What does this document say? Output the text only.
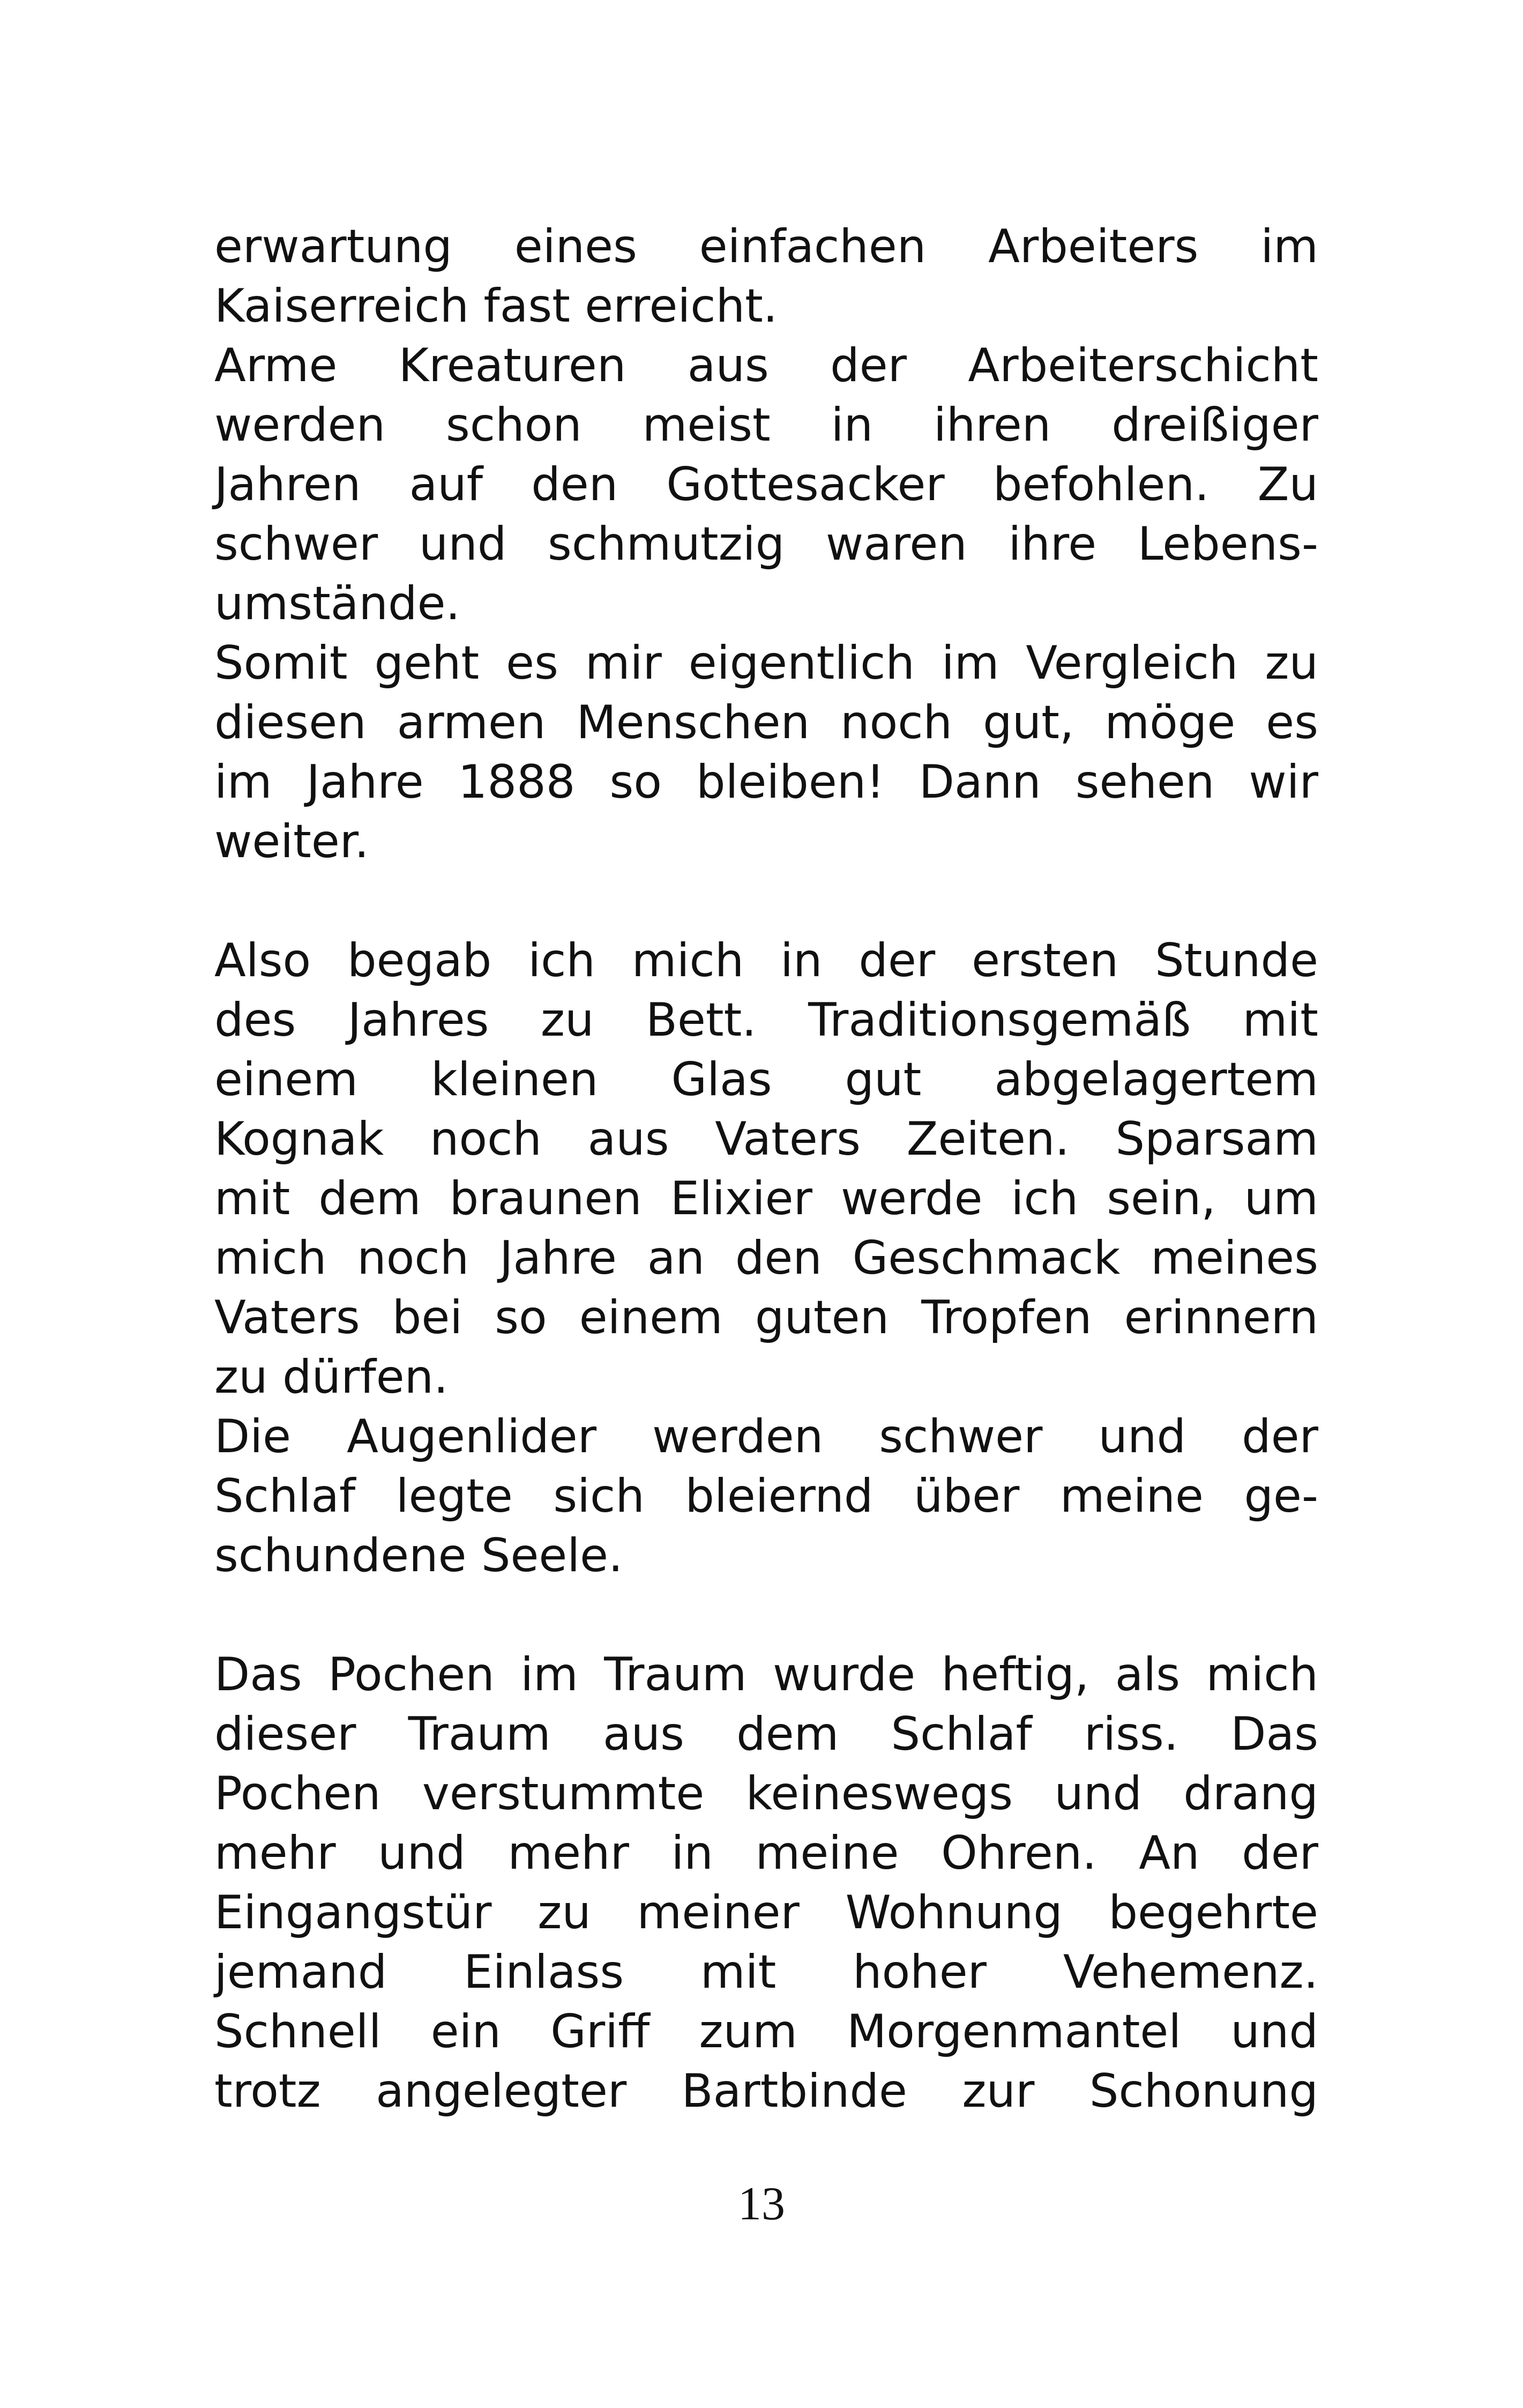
erwartung eines einfachen Arbeiters im
Kaiserreich fast erreicht.
Arme Kreaturen aus der Arbeiterschicht
werden schon meist in ihren dreißiger
Jahren auf den Gottesacker befohlen. Zu
schwer und schmutzig waren ihre Lebens-
umstände.
Somit geht es mir eigentlich im Vergleich zu
diesen armen Menschen noch gut, möge es
im Jahre 1888 so bleiben! Dann sehen wir
weiter.
Also begab ich mich in der ersten Stunde
des Jahres zu Bett. Traditionsgemäß mit
einem kleinen Glas gut abgelagertem
Kognak noch aus Vaters Zeiten. Sparsam
mit dem braunen Elixier werde ich sein, um
mich noch Jahre an den Geschmack meines
Vaters bei so einem guten Tropfen erinnern
zu dürfen.
Die Augenlider werden schwer und der
Schlaf legte sich bleiernd über meine ge-
schundene Seele.
Das Pochen im Traum wurde heftig, als mich
dieser Traum aus dem Schlaf riss. Das
Pochen verstummte keineswegs und drang
mehr und mehr in meine Ohren. An der
Eingangstür zu meiner Wohnung begehrte
jemand Einlass mit hoher Vehemenz.
Schnell ein Griff zum Morgenmantel und
trotz angelegter Bartbinde zur Schonung
13
